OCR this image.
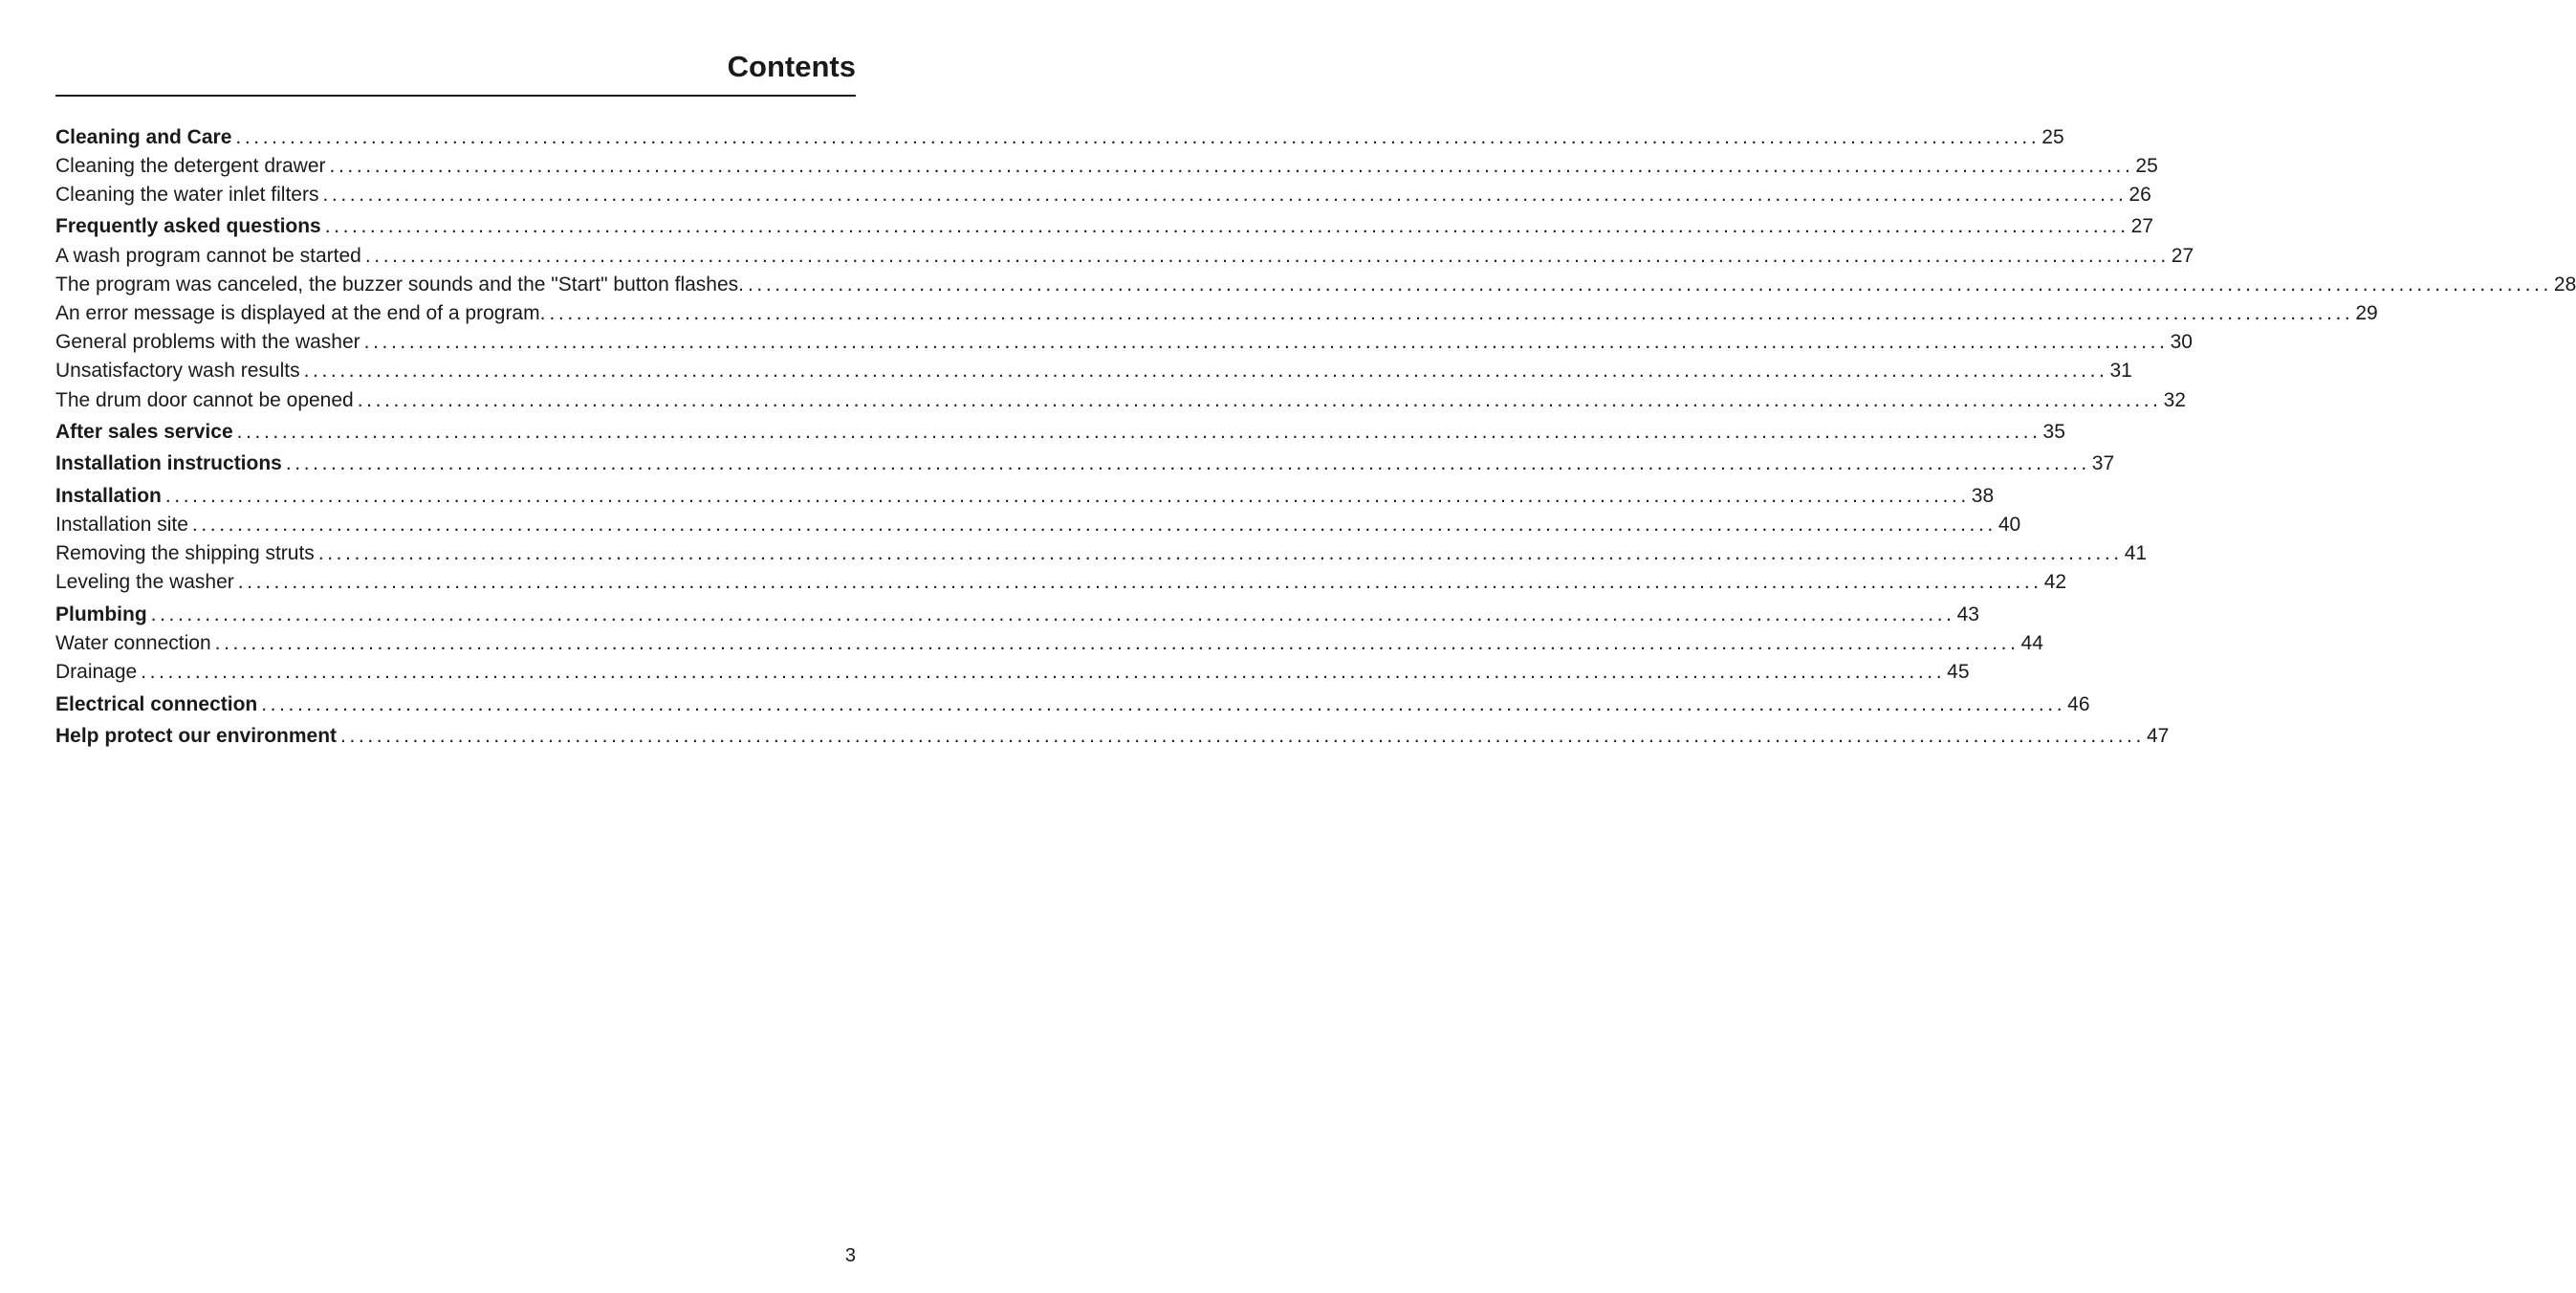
Contents
Cleaning and Care ........................................................................................................................................................................................................ 25
Cleaning the detergent drawer ........................................................................................................................................................................................................ 25
Cleaning the water inlet filters ........................................................................................................................................................................................................ 26
Frequently asked questions ........................................................................................................................................................................................................ 27
A wash program cannot be started ........................................................................................................................................................................................................ 27
The program was canceled, the buzzer sounds and the "Start" button flashes. ........................................................................................................................................................................................................ 28
An error message is displayed at the end of a program. ........................................................................................................................................................................................................ 29
General problems with the washer ........................................................................................................................................................................................................ 30
Unsatisfactory wash results ........................................................................................................................................................................................................ 31
The drum door cannot be opened ........................................................................................................................................................................................................ 32
After sales service ........................................................................................................................................................................................................ 35
Installation instructions ........................................................................................................................................................................................................ 37
Installation ........................................................................................................................................................................................................ 38
Installation site ........................................................................................................................................................................................................ 40
Removing the shipping struts ........................................................................................................................................................................................................ 41
Leveling the washer ........................................................................................................................................................................................................ 42
Plumbing ........................................................................................................................................................................................................ 43
Water connection ........................................................................................................................................................................................................ 44
Drainage ........................................................................................................................................................................................................ 45
Electrical connection ........................................................................................................................................................................................................ 46
Help protect our environment ........................................................................................................................................................................................................ 47
3
